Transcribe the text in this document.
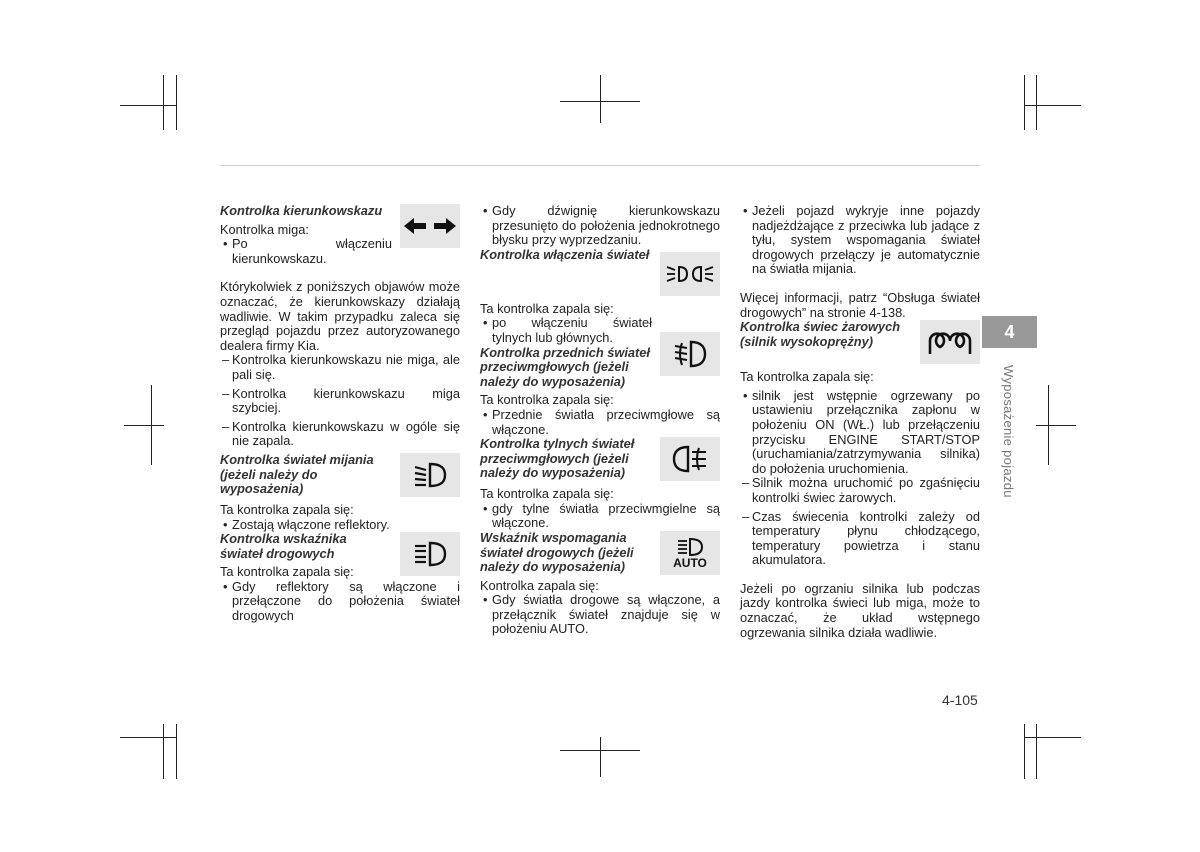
Kontrolka kierunkowskazu

Kontrolka miga:

• Po włączeniu kierunkowskazu.

Którykolwiek z poniższych objawów może oznaczać, że kierunkowskazy działają wadliwie. W takim przypadku zaleca się przegląd pojazdu przez autoryzowanego dealera firmy Kia.

– Kontrolka kierunkowskazu nie miga, ale pali się.

– Kontrolka kierunkowskazu miga szybciej.

– Kontrolka kierunkowskazu w ogóle się nie zapala.

Kontrolka świateł mijania (jeżeli należy do wyposażenia)

Ta kontrolka zapala się:

• Zostają włączone reflektory.

Kontrolka wskaźnika świateł drogowych

Ta kontrolka zapala się:

• Gdy reflektory są włączone i przełączone do położenia świateł drogowych

• Gdy dźwignię kierunkowskazu przesunięto do położenia jednokrotnego błysku przy wyprzedzaniu.

Kontrolka włączenia świateł

Ta kontrolka zapala się:

• po włączeniu świateł tylnych lub głównych.

Kontrolka przednich świateł przeciwmgłowych (jeżeli należy do wyposażenia)

Ta kontrolka zapala się:

• Przednie światła przeciwmgłowe są włączone.

Kontrolka tylnych świateł przeciwmgłowych (jeżeli należy do wyposażenia)

Ta kontrolka zapala się:

• gdy tylne światła przeciwmgielne są włączone.

AUTO
Wskaźnik wspomagania świateł drogowych (jeżeli należy do wyposażenia)

Kontrolka zapala się:

• Gdy światła drogowe są włączone, a przełącznik świateł znajduje się w położeniu AUTO.

• Jeżeli pojazd wykryje inne pojazdy nadjeżdżające z przeciwka lub jadące z tyłu, system wspomagania świateł drogowych przełączy je automatycznie na światła mijania.

Więcej informacji, patrz “Obsługa świateł drogowych” na stronie 4-138.

Kontrolka świec żarowych (silnik wysokoprężny)

Ta kontrolka zapala się:

• silnik jest wstępnie ogrzewany po ustawieniu przełącznika zapłonu w położeniu ON (WŁ.) lub przełączeniu przycisku ENGINE START/STOP (uruchamiania/zatrzymywania silnika) do położenia uruchomienia.

– Silnik można uruchomić po zgaśnięciu kontrolki świec żarowych.

– Czas świecenia kontrolki zależy od temperatury płynu chłodzącego, temperatury powietrza i stanu akumulatora.

Jeżeli po ogrzaniu silnika lub podczas jazdy kontrolka świeci lub miga, może to oznaczać, że układ wstępnego ogrzewania silnika działa wadliwie.

4
Wyposażenie pojazdu
4-105
